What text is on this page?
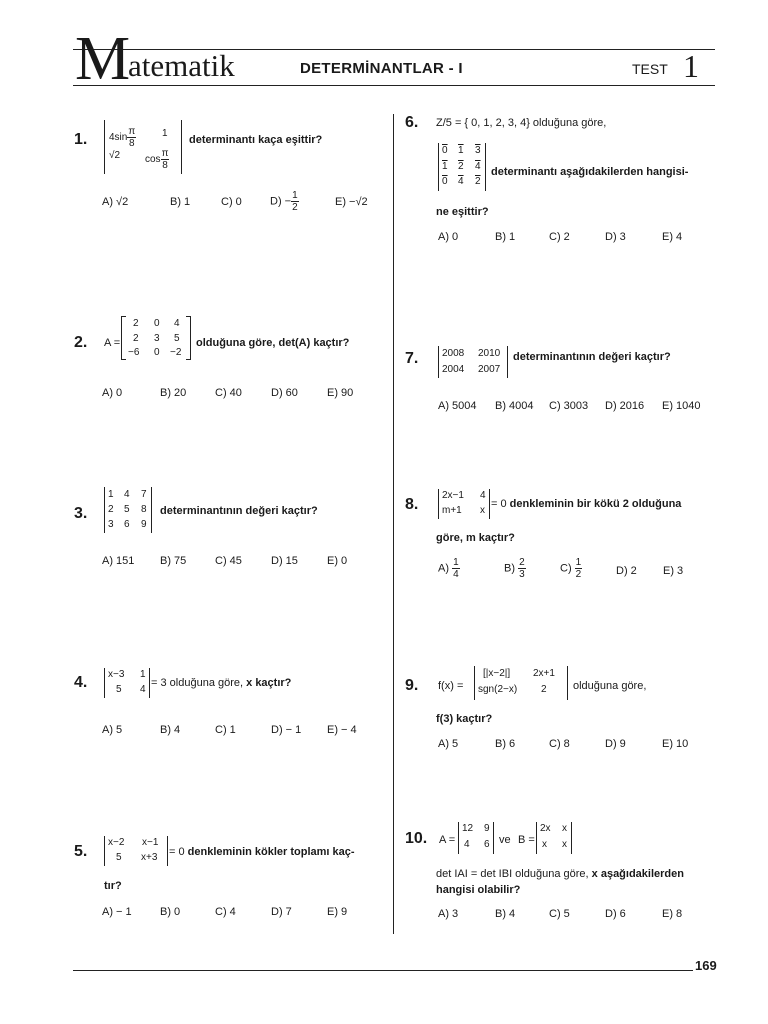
M
atematik	DETERMİNANTLAR - I	TEST 1
1. $4\sin \frac{\pi}{8}$	1
√2 $\cos \frac{\pi}{8}$
determinantı kaça eşittir?
A) √2	B) 1	C) 0	$D) - \frac{1}{2}$	E) −√2
2. A =
2 0 4
2 3 5
−6 0 −2
olduğuna göre, det(A) kaçtır?
A) 0	B) 20	C) 40	D) 60	E) 90
3.
1 4 7
2 5 8
3 6 9
determinantının değeri kaçtır?
A) 151 B) 75	C) 45	D) 15	E) 0
4. x−3 1
5 4
= 3 olduğuna göre, x kaçtır?
A) 5	B) 4	C) 1	D) − 1 E) − 4
5.
x−2 x−1
5 x+3 = 0 denkleminin kökler toplamı kaç-
tır?
A) − 1	B) 0	C) 4	D) 7	E) 9
6. Z/5 = { 0, 1, 2, 3, 4} olduğuna göre,
0 1 3
1 2 4
0 4 2
determinantı aşağıdakilerden hangisi-
ne eşittir?
A) 0	B) 1	C) 2	D) 3	E) 4
7. 2008 2010
2004 2007
determinantının değeri kaçtır?
A) 5004 B) 4004 C) 3003 D) 2016 E) 1040
8.
2x−1 4
m+1 x
= 0 denkleminin bir kökü 2 olduğuna
göre, m kaçtır?
$A) \frac{1}{4}$	$B) \frac{2}{3}$	$C) \frac{1}{2}$	D) 2 E) 3
9. f(x) =
[|x−2|] 2x+1
sgn(2−x) 2 olduğuna göre,
f(3) kaçtır?
A) 5	B) 6	C) 8	D) 9	E) 10
10. A =
12 9
4 6 ve B =
2x x
x x
det IAI = det IBI olduğuna göre, x aşağıdakilerden
hangisi olabilir?
A) 3	B) 4	C) 5	D) 6	E) 8
169
